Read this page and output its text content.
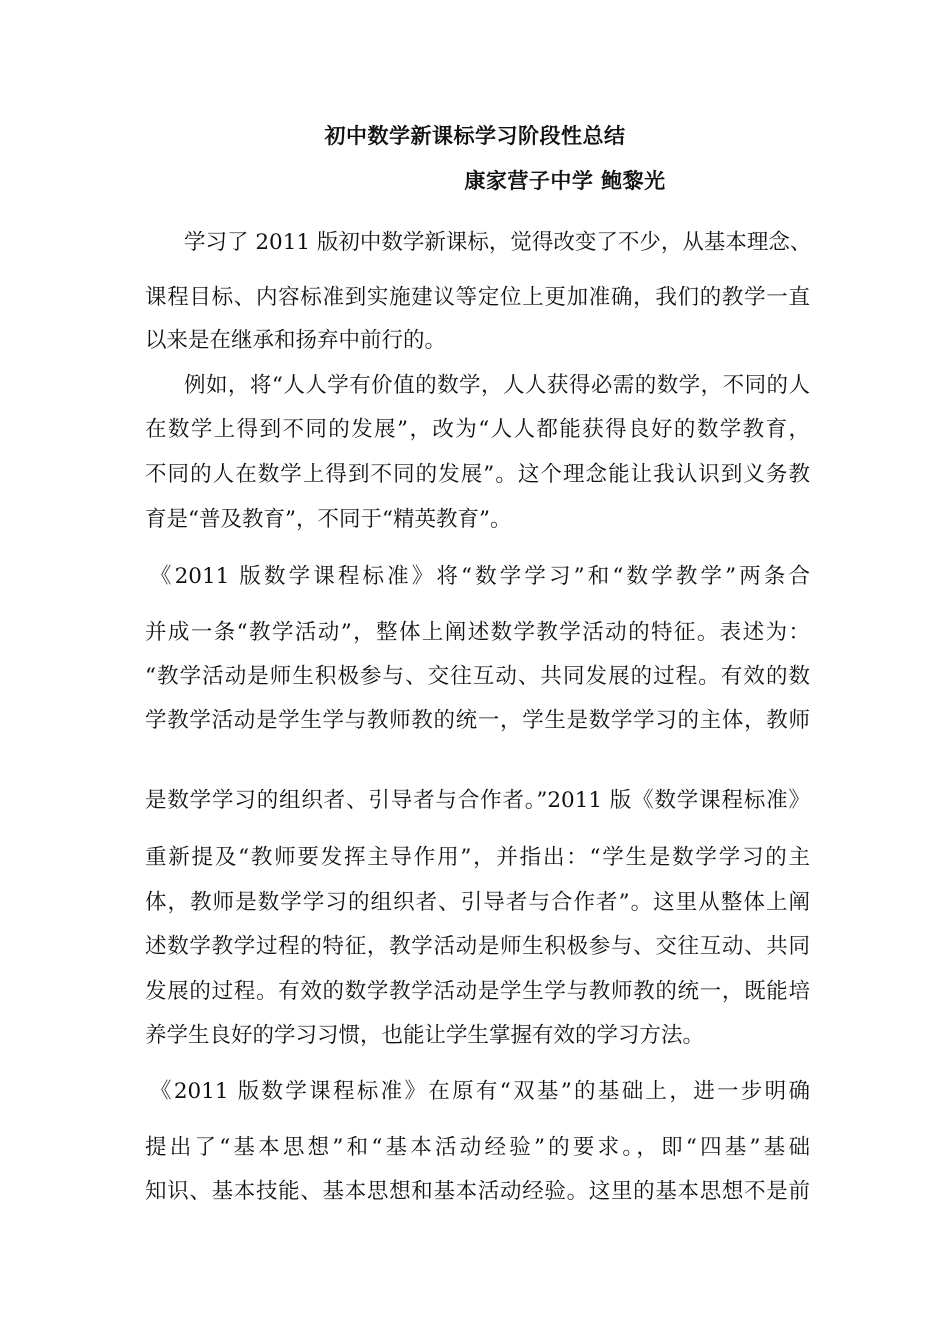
初中数学新课标学习阶段性总结
康家营子中学 鲍黎光
学习了 2011 版初中数学新课标，觉得改变了不少，从基本理念、
课程目标、内容标准到实施建议等定位上更加准确，我们的教学一直
以来是在继承和扬弃中前行的。
例如，将“人人学有价值的数学，人人获得必需的数学，不同的人
在数学上得到不同的发展”，改为“人人都能获得良好的数学教育，
不同的人在数学上得到不同的发展”。这个理念能让我认识到义务教
育是“普及教育”，不同于“精英教育”。
《2011 版数学课程标准》将“数学学习”和“数学教学”两条合
并成一条“教学活动”，整体上阐述数学教学活动的特征。表述为：
“教学活动是师生积极参与、交往互动、共同发展的过程。有效的数
学教学活动是学生学与教师教的统一，学生是数学学习的主体，教师
是数学学习的组织者、引导者与合作者。”2011 版《数学课程标准》
重新提及“教师要发挥主导作用”，并指出：“学生是数学学习的主
体，教师是数学学习的组织者、引导者与合作者”。这里从整体上阐
述数学教学过程的特征，教学活动是师生积极参与、交往互动、共同
发展的过程。有效的数学教学活动是学生学与教师教的统一，既能培
养学生良好的学习习惯，也能让学生掌握有效的学习方法。
《2011 版数学课程标准》在原有“双基”的基础上，进一步明确
提出了“基本思想”和“基本活动经验”的要求。，即“四基”基础
知识、基本技能、基本思想和基本活动经验。这里的基本思想不是前
